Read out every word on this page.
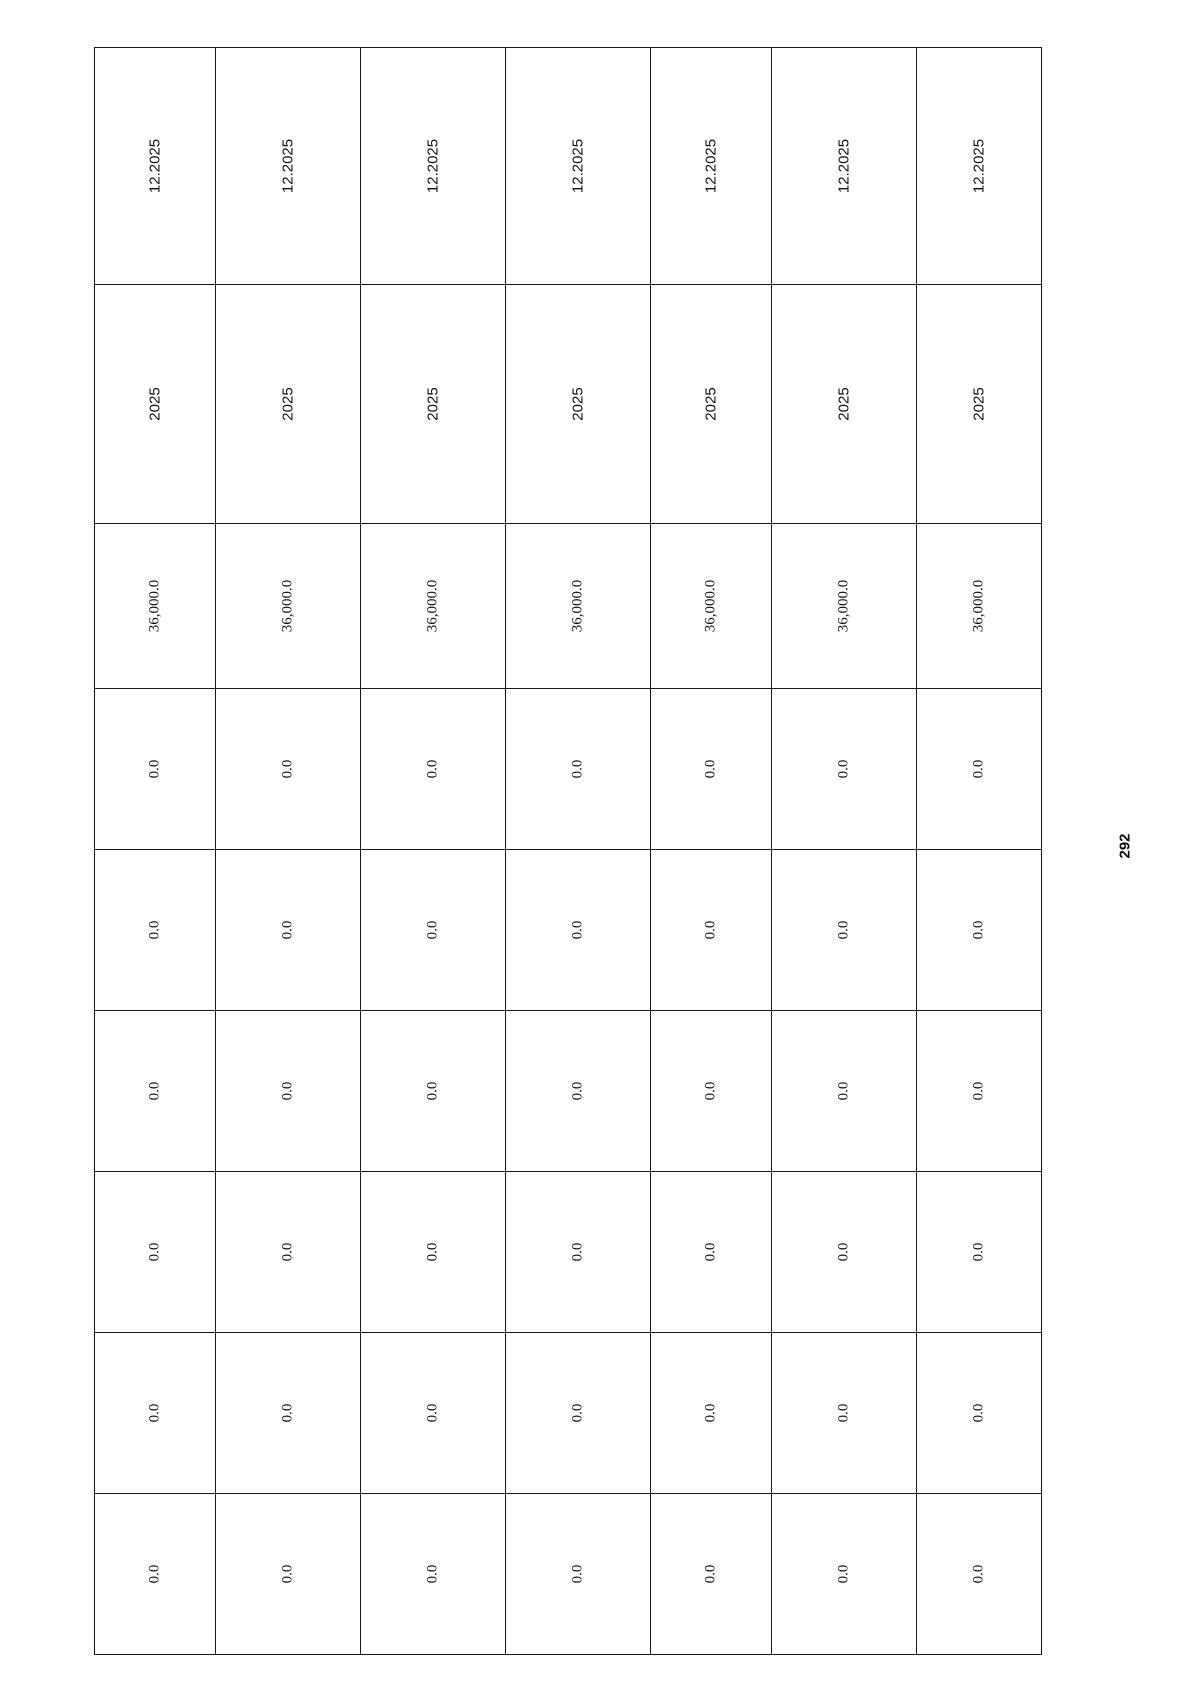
12.2025	12.2025	12.2025	12.2025	12.2025	12.2025	12.2025

2025	2025	2025	2025	2025	2025	2025

36,000.0	36,000.0	36,000.0	36,000.0	36,000.0	36,000.0	36,000.0

0.0	0.0	0.0	0.0	0.0	0.0	0.0

0.0	0.0	0.0	0.0	0.0	0.0	0.0

0.0	0.0	0.0	0.0	0.0	0.0	0.0

0.0	0.0	0.0	0.0	0.0	0.0	0.0

0.0	0.0	0.0	0.0	0.0	0.0	0.0

0.0	0.0	0.0	0.0	0.0	0.0	0.0
292
